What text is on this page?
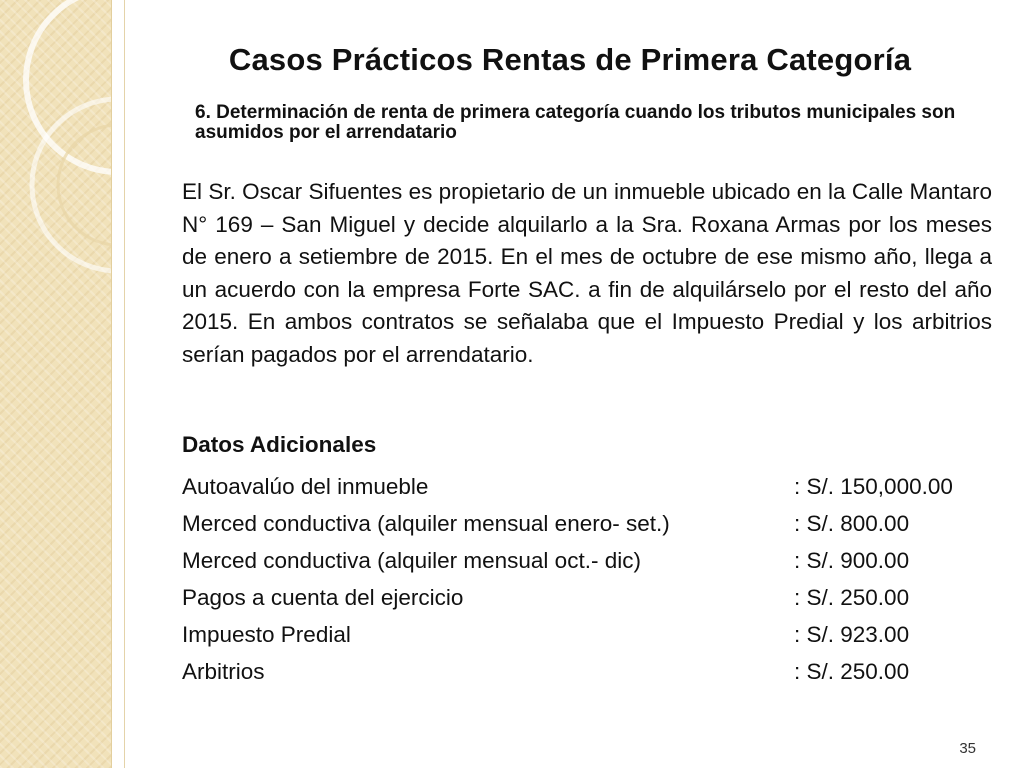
Casos Prácticos Rentas de Primera Categoría

6. Determinación de renta de primera categoría cuando los tributos municipales son asumidos por el arrendatario

El Sr. Oscar Sifuentes es propietario de un inmueble ubicado en la Calle Mantaro N° 169 – San Miguel y decide alquilarlo a la Sra. Roxana Armas por los meses de enero a setiembre de 2015. En el mes de octubre de ese mismo año, llega a un acuerdo con la empresa Forte SAC. a fin de alquilárselo por el resto del año 2015. En ambos contratos se señalaba que el Impuesto Predial y los arbitrios serían pagados por el arrendatario.

Datos Adicionales

Autoavalúo del inmueble	: S/. 150,000.00
Merced conductiva (alquiler mensual enero- set.)	: S/. 800.00
Merced conductiva (alquiler mensual oct.- dic)	: S/. 900.00
Pagos a cuenta del ejercicio	: S/. 250.00
Impuesto Predial	: S/. 923.00
Arbitrios	: S/. 250.00
35
